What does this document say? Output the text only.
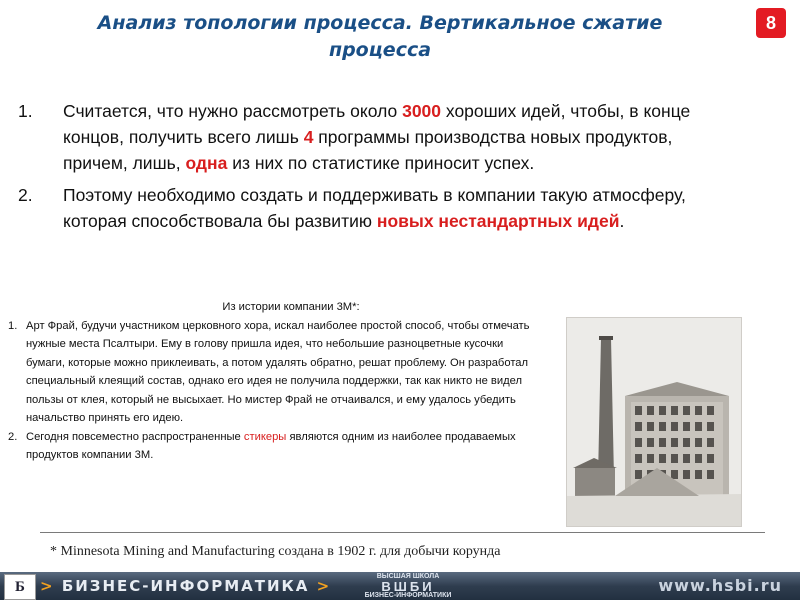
Анализ топологии процесса. Вертикальное сжатие процесса
8
1. Считается, что нужно рассмотреть около 3000 хороших идей, чтобы, в конце концов, получить всего лишь 4 программы производства новых продуктов, причем, лишь, одна из них по статистике приносит успех.
2. Поэтому необходимо создать и поддерживать в компании такую атмосферу, которая способствовала бы развитию новых нестандартных идей.
Из истории компании 3M*:
1. Арт Фрай, будучи участником церковного хора, искал наиболее простой способ, чтобы отмечать нужные места Псалтыри. Ему в голову пришла идея, что небольшие разноцветные кусочки бумаги, которые можно приклеивать, а потом удалять обратно, решат проблему. Он разработал специальный клеящий состав, однако его идея не получила поддержки, так как никто не видел пользы от клея, который не высыхает. Но мистер Фрай не отчаивался, и ему удалось убедить начальство принять его идею.
2. Сегодня повсеместно распространенные стикеры являются одним из наиболее продаваемых продуктов компании 3М.
* Minnesota Mining and Manufacturing создана в 1902 г. для добычи корунда
Б	> БИЗНЕС-ИНФОРМАТИКА >
ВЫСШАЯ ШКОЛА
ВШБИ
БИЗНЕС-ИНФОРМАТИКИ
www.hsbi.ru
